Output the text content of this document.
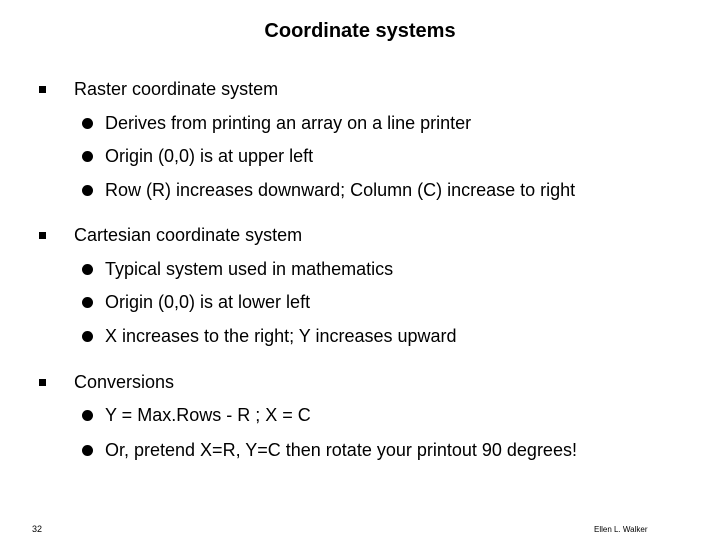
Coordinate systems
Raster coordinate system
Derives from printing an array on a line printer
Origin (0,0) is at upper left
Row (R) increases downward; Column (C) increase to right
Cartesian coordinate system
Typical system used in mathematics
Origin (0,0) is at lower left
X increases to the right; Y increases upward
Conversions
Y = Max.Rows - R ; X = C
Or, pretend X=R, Y=C then rotate your printout 90 degrees!
32	Ellen L. Walker
